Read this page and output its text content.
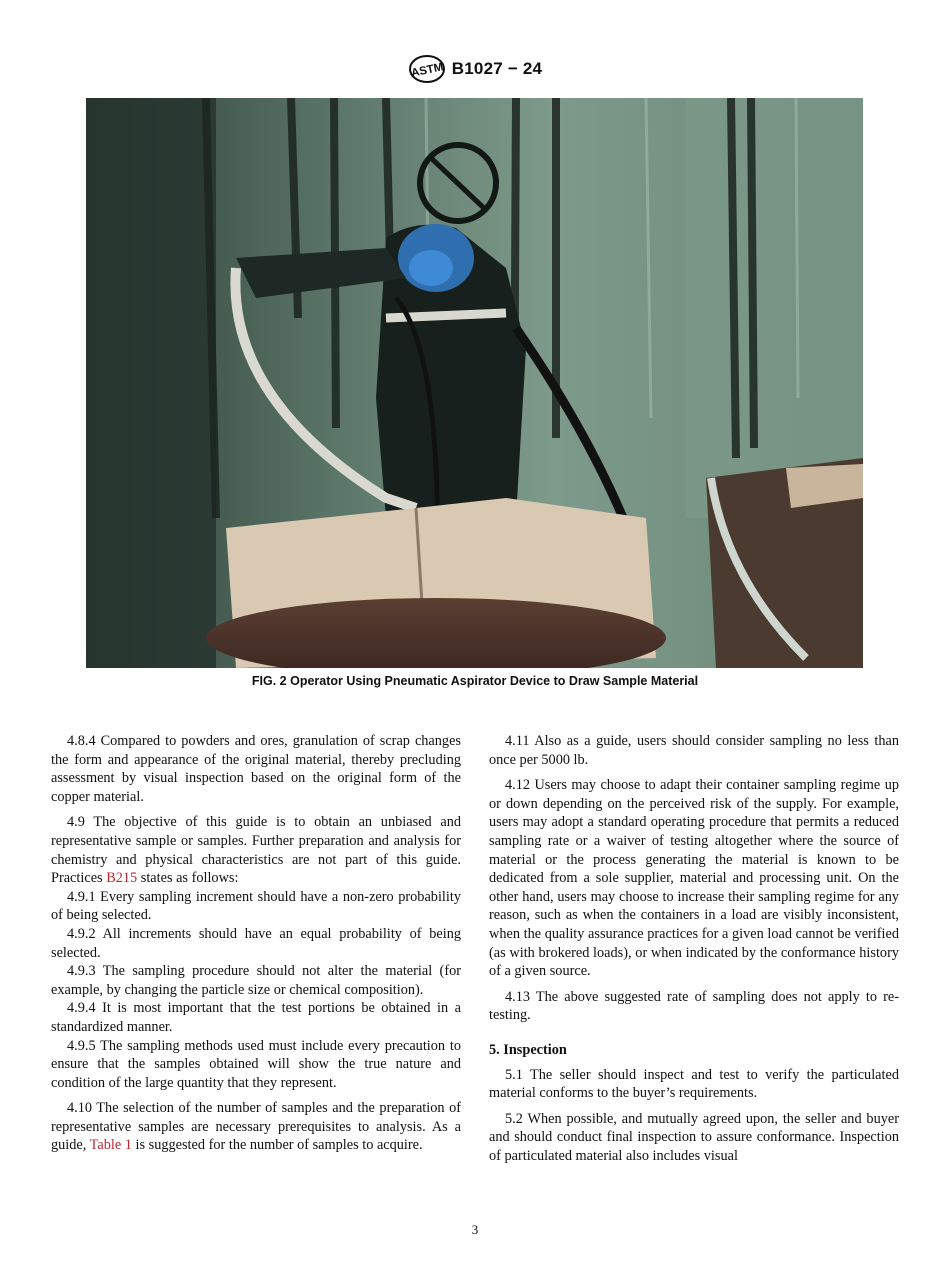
ASTM B1027 − 24
FIG. 2 Operator Using Pneumatic Aspirator Device to Draw Sample Material

4.8.4 Compared to powders and ores, granulation of scrap changes the form and appearance of the original material, thereby precluding assessment by visual inspection based on the original form of the copper material.

4.9 The objective of this guide is to obtain an unbiased and representative sample or samples. Further preparation and analysis for chemistry and physical characteristics are not part of this guide. Practices B215 states as follows:

4.9.1 Every sampling increment should have a non-zero probability of being selected.

4.9.2 All increments should have an equal probability of being selected.

4.9.3 The sampling procedure should not alter the material (for example, by changing the particle size or chemical composition).

4.9.4 It is most important that the test portions be obtained in a standardized manner.

4.9.5 The sampling methods used must include every precaution to ensure that the samples obtained will show the true nature and condition of the large quantity that they represent.

4.10 The selection of the number of samples and the preparation of representative samples are necessary prerequisites to analysis. As a guide, Table 1 is suggested for the number of samples to acquire.

4.11 Also as a guide, users should consider sampling no less than once per 5000 lb.

4.12 Users may choose to adapt their container sampling regime up or down depending on the perceived risk of the supply. For example, users may adopt a standard operating procedure that permits a reduced sampling rate or a waiver of testing altogether where the source of material or the process generating the material is known to be dedicated from a sole supplier, material and processing unit. On the other hand, users may choose to increase their sampling regime for any reason, such as when the containers in a load are visibly inconsistent, when the quality assurance practices for a given load cannot be verified (as with brokered loads), or when indicated by the conformance history of a given source.

4.13 The above suggested rate of sampling does not apply to re-testing.

5. Inspection

5.1 The seller should inspect and test to verify the particulated material conforms to the buyer’s requirements.

5.2 When possible, and mutually agreed upon, the seller and buyer and should conduct final inspection to assure conformance. Inspection of particulated material also includes visual

3
